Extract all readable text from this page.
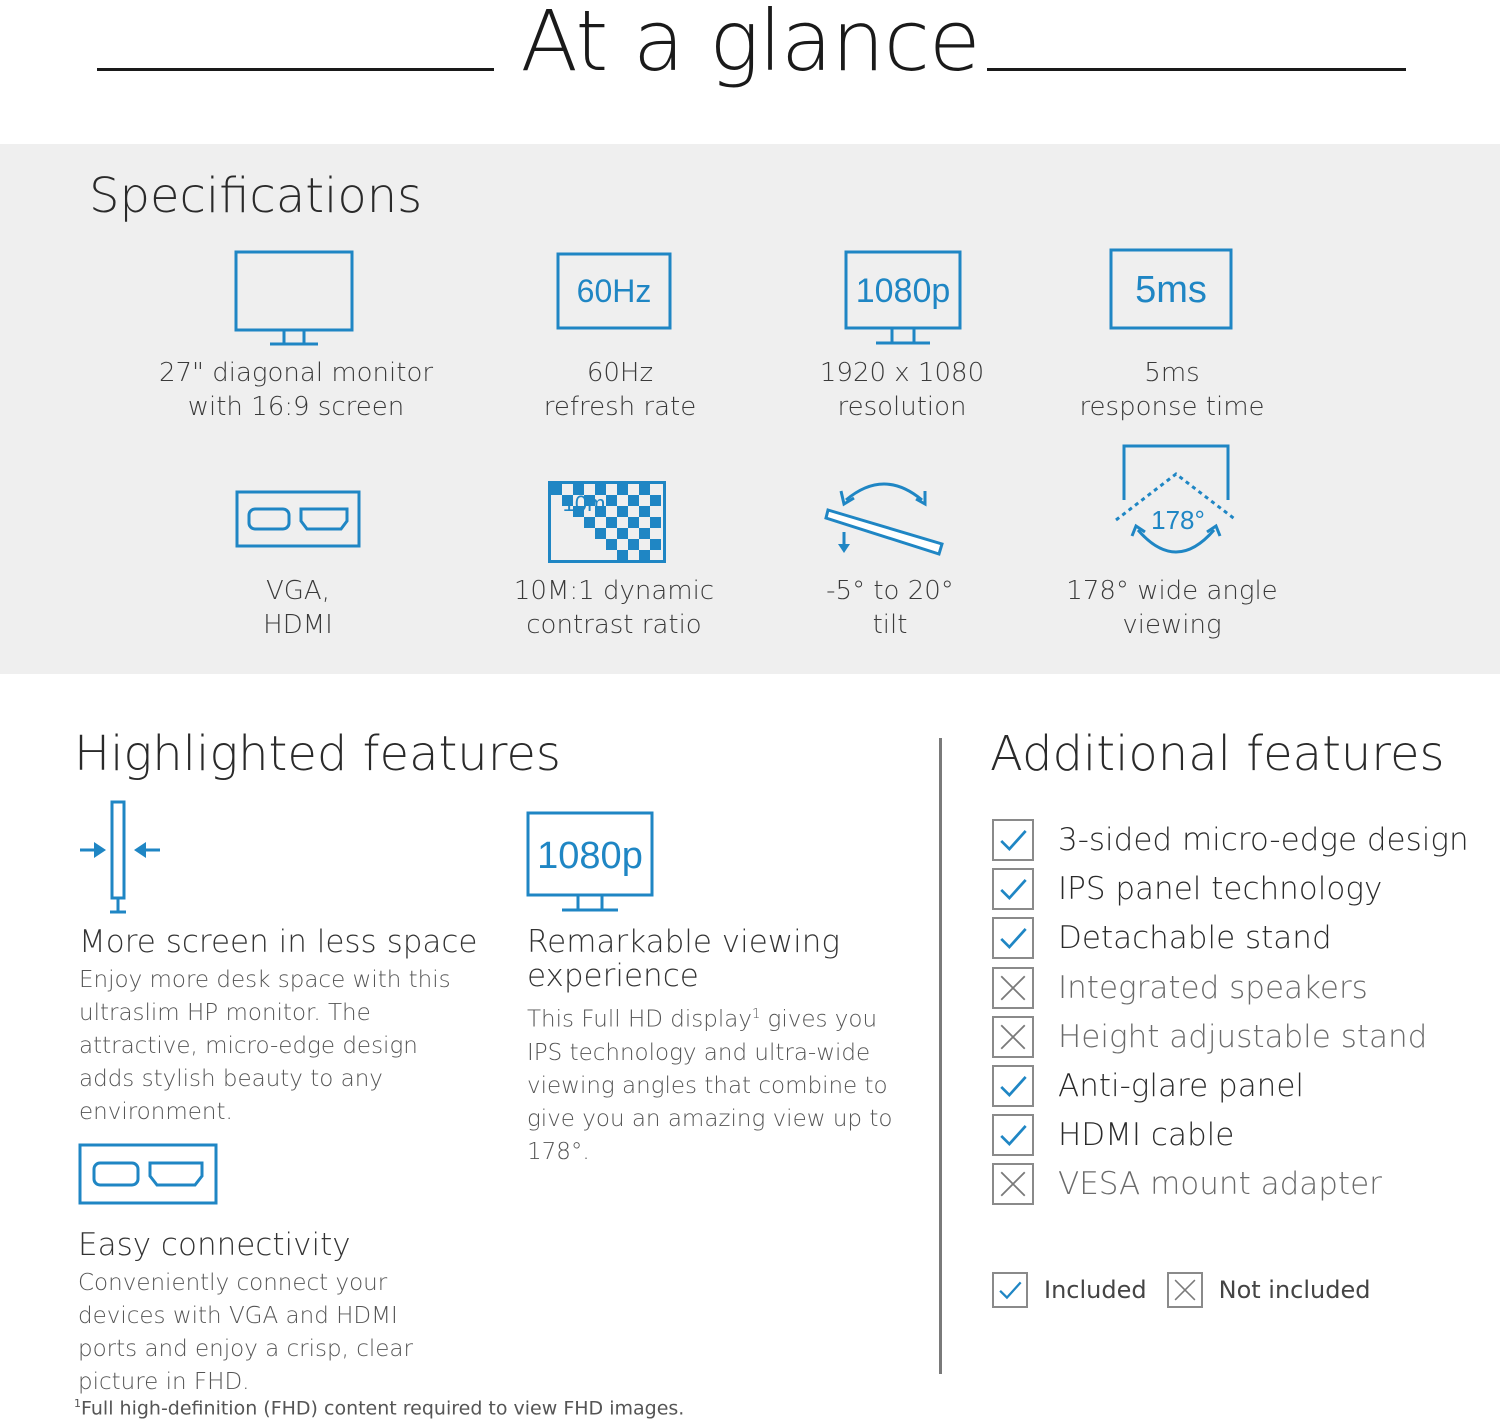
At a glance
Specifications
60Hz	1080p	5ms
27" diagonal monitor
with 16:9 screen
60Hz
refresh rate
1920 x 1080
resolution
5ms
response time
10m
178°
VGA,
HDMI
10M:1 dynamic
contrast ratio
-5° to 20°
tilt
178° wide angle
viewing
Highlighted features
More screen in less space
Enjoy more desk space with this ultraslim HP monitor. The attractive, micro-edge design adds stylish beauty to any environment.
1080p
Remarkable viewing experience
This Full HD display$^1$ gives you IPS technology and ultra-wide viewing angles that combine to give you an amazing view up to 178°.
Easy connectivity
Conveniently connect your devices with VGA and HDMI ports and enjoy a crisp, clear picture in FHD.
Additional features
3-sided micro-edge design
IPS panel technology
Detachable stand
Integrated speakers
Height adjustable stand
Anti-glare panel
HDMI cable
VESA mount adapter
Included	Not included
$^1$Full high-definition (FHD) content required to view FHD images.
